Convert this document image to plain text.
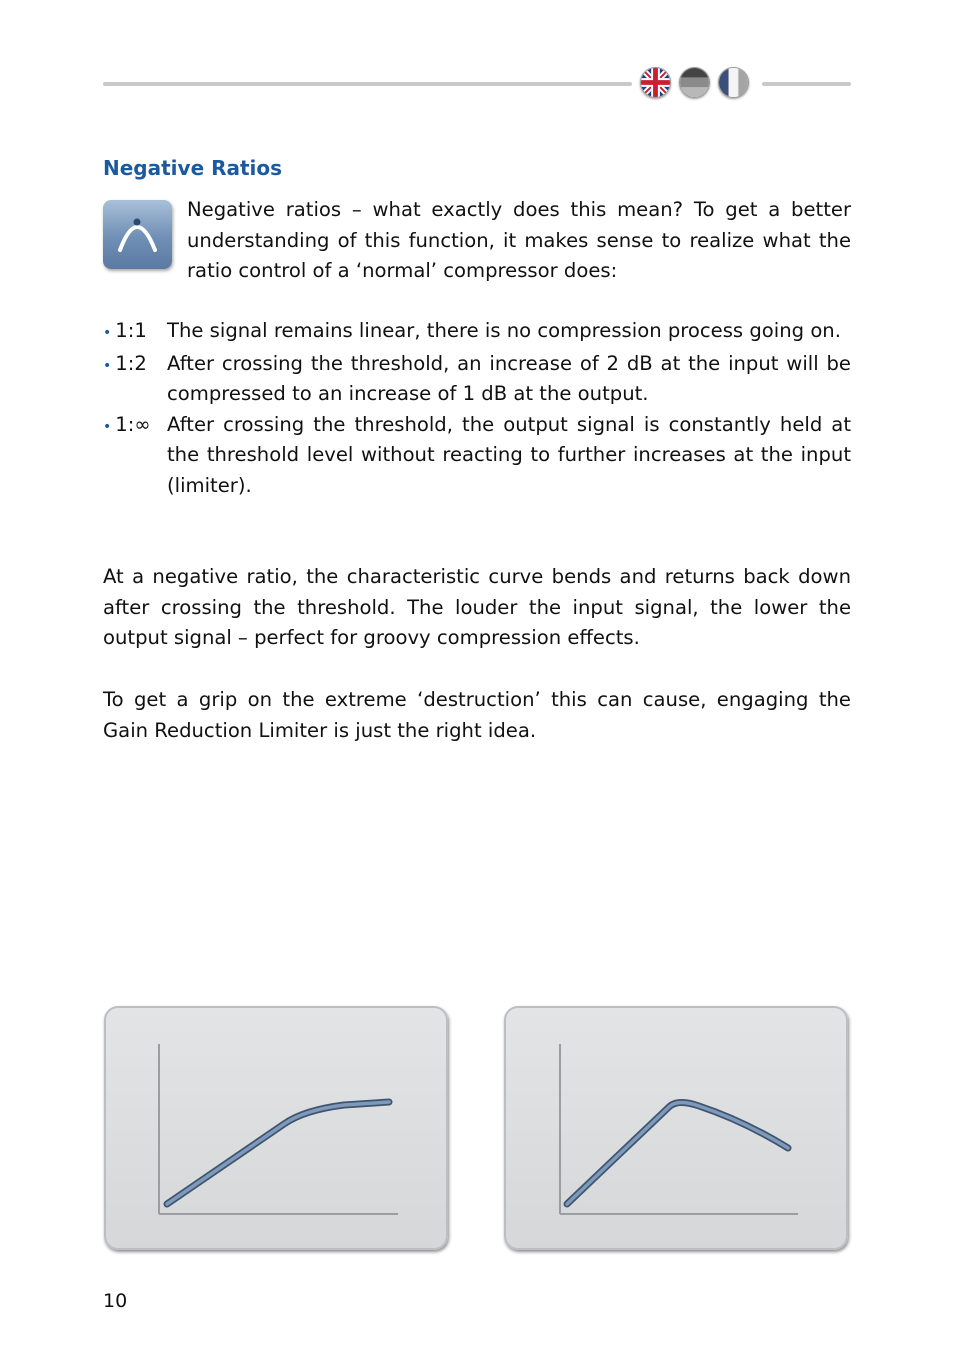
Negative Ratios

Negative ratios – what exactly does this mean? To get a better understanding of this function, it makes sense to realize what the ratio control of a ‘normal’ compressor does:

• 1:1	The signal remains linear, there is no compression process going on.
• 1:2	After crossing the threshold, an increase of 2 dB at the input will be compressed to an increase of 1 dB at the output.
• 1:∞ After crossing the threshold, the output signal is constantly held at the threshold level without reacting to further increases at the input (limiter).

At a negative ratio, the characteristic curve bends and returns back down after crossing the threshold. The louder the input signal, the lower the output signal – perfect for groovy compression effects.

To get a grip on the extreme ‘destruction’ this can cause, engaging the Gain Reduction Limiter is just the right idea.

10
